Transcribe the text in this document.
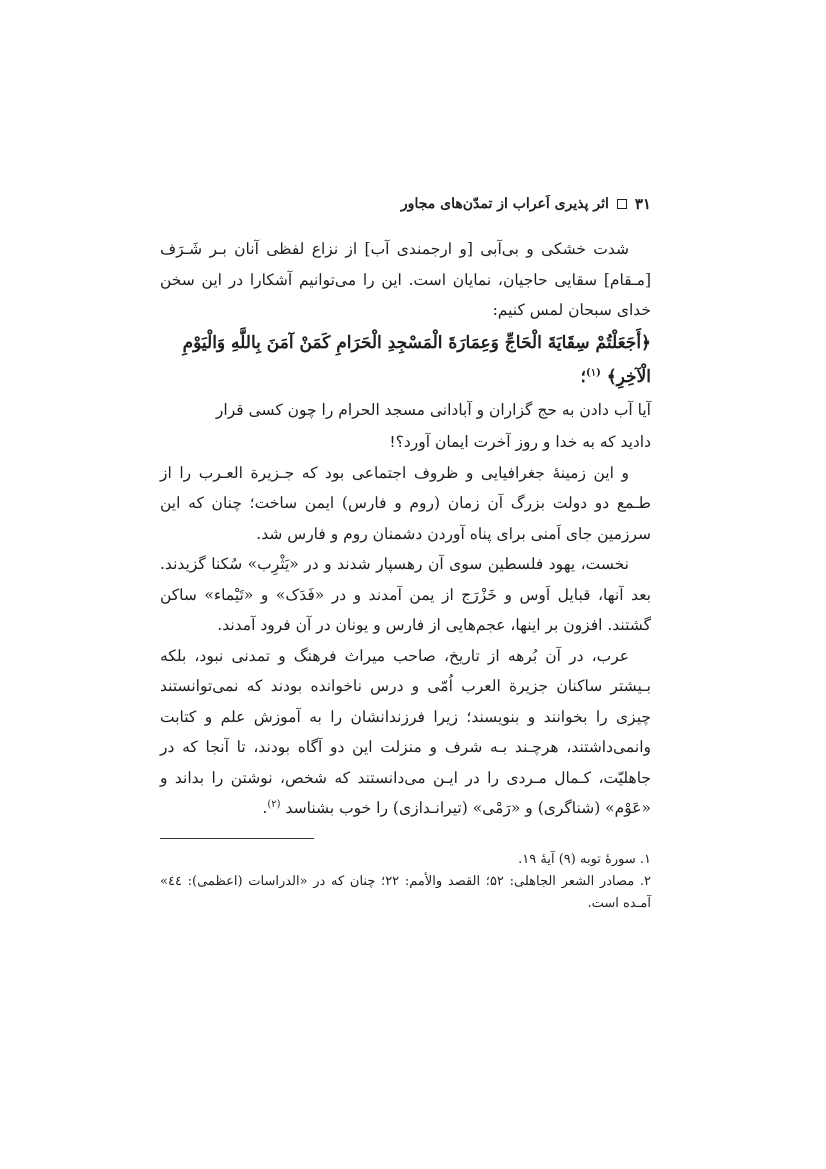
۳۱
اثر پذیری اَعراب از تمدّن‌های مجاور

شدت خشکی و بی‌آبی [و ارجمندی آب] از نزاع لفظی آنان بـر شَـرَف [مـقام] سقایی حاجیان، نمایان است. این را می‌توانیم آشکارا در این سخن خدای سبحان لمس کنیم:

﴿أَجَعَلْتُمْ سِقَايَةَ الْحَاجِّ وَعِمَارَةَ الْمَسْجِدِ الْحَرَامِ كَمَنْ آمَنَ بِاللَّهِ وَالْيَوْمِ
الْآخِرِ﴾ $^{(۱)}$؛
آیا آب دادن به حج گزاران و آبادانی مسجد الحرام را چون کسی قرار
دادید که به خدا و روز آخرت ایمان آورد؟!

و این زمینهٔ جغرافیایی و ظروف اجتماعی بود که جـزیرة العـرب را از طـمع دو دولت بزرگ آن زمان (روم و فارس) ایمن ساخت؛ چنان که این سرزمین جای اَمنی برای پناه آوردن دشمنان روم و فارس شد.

نخست، یهود فلسطین سوی آن رهسپار شدند و در «یَثْرِب» سُکنا گزیدند. بعد آنها، قبایل اَوس و خَزْرَج از یمن آمدند و در «فَدَک» و «تَیْماء» ساکن گشتند. افزون بر اینها، عجم‌هایی از فارس و یونان در آن فرود آمدند.

عرب، در آن بُرهه از تاریخ، صاحب میراث فرهنگ و تمدنی نبود، بلکه بـیشتر ساکنان جزیرة العرب اُمّی و درس ناخوانده بودند که نمی‌توانستند چیزی را بخوانند و بنویسند؛ زیرا فرزندانشان را به آموزش علم و کتابت وانمی‌داشتند، هرچـند بـه شرف و منزلت این دو آگاه بودند، تا آنجا که در جاهلیّت، کـمال مـردی را در ایـن می‌دانستند که شخص، نوشتن را بداند و «عَوْم» (شناگری) و «رَمْی» (تیرانـدازی) را خوب بشناسد $^{(۲)}$.

۱. سورهٔ توبه (۹) آیهٔ ۱۹.
۲. مصادر الشعر الجاهلی: ۵۲؛ القصد والأمم: ۲۲؛ چنان که در «الدراسات (اعظمی): ٤٤» آمـده است.
